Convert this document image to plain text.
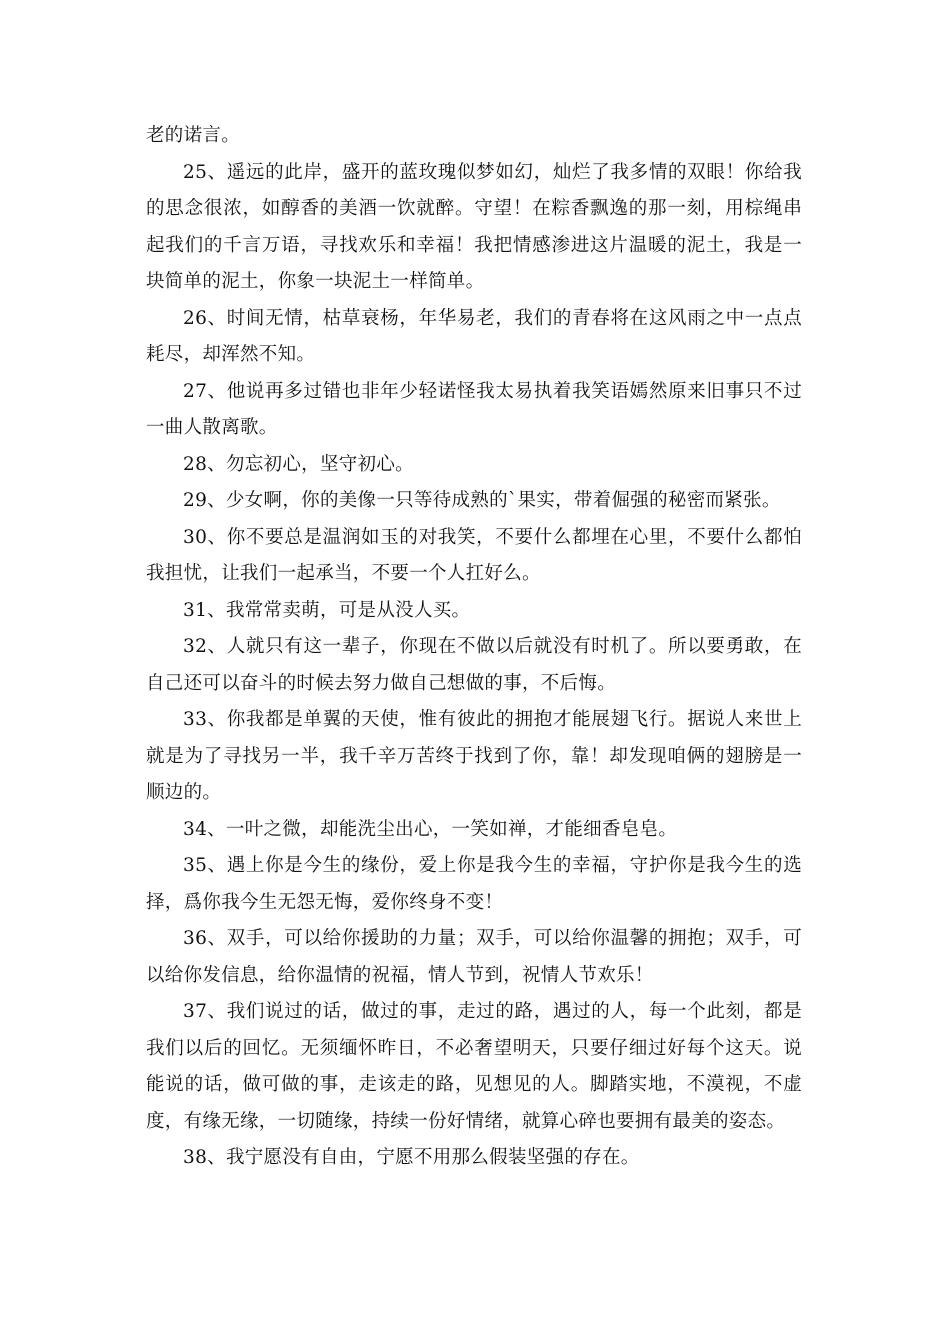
老的诺言。

25、遥远的此岸，盛开的蓝玫瑰似梦如幻，灿烂了我多情的双眼！你给我的思念很浓，如醇香的美酒一饮就醉。守望！在粽香飘逸的那一刻，用棕绳串起我们的千言万语，寻找欢乐和幸福！我把情感渗进这片温暖的泥土，我是一块简单的泥土，你象一块泥土一样简单。

26、时间无情，枯草衰杨，年华易老，我们的青春将在这风雨之中一点点耗尽，却浑然不知。

27、他说再多过错也非年少轻诺怪我太易执着我笑语嫣然原来旧事只不过一曲人散离歌。

28、勿忘初心，坚守初心。

29、少女啊，你的美像一只等待成熟的`果实，带着倔强的秘密而紧张。

30、你不要总是温润如玉的对我笑，不要什么都埋在心里，不要什么都怕我担忧，让我们一起承当，不要一个人扛好么。

31、我常常卖萌，可是从没人买。

32、人就只有这一辈子，你现在不做以后就没有时机了。所以要勇敢，在自己还可以奋斗的时候去努力做自己想做的事，不后悔。

33、你我都是单翼的天使，惟有彼此的拥抱才能展翅飞行。据说人来世上就是为了寻找另一半，我千辛万苦终于找到了你，靠！却发现咱俩的翅膀是一顺边的。

34、一叶之微，却能洗尘出心，一笑如禅，才能细香皂皂。

35、遇上你是今生的缘份，爱上你是我今生的幸福，守护你是我今生的选择，爲你我今生无怨无悔，爱你终身不变！

36、双手，可以给你援助的力量；双手，可以给你温馨的拥抱；双手，可以给你发信息，给你温情的祝福，情人节到，祝情人节欢乐！

37、我们说过的话，做过的事，走过的路，遇过的人，每一个此刻，都是我们以后的回忆。无须缅怀昨日，不必奢望明天，只要仔细过好每个这天。说能说的话，做可做的事，走该走的路，见想见的人。脚踏实地，不漠视，不虚度，有缘无缘，一切随缘，持续一份好情绪，就算心碎也要拥有最美的姿态。

38、我宁愿没有自由，宁愿不用那么假装坚强的存在。
